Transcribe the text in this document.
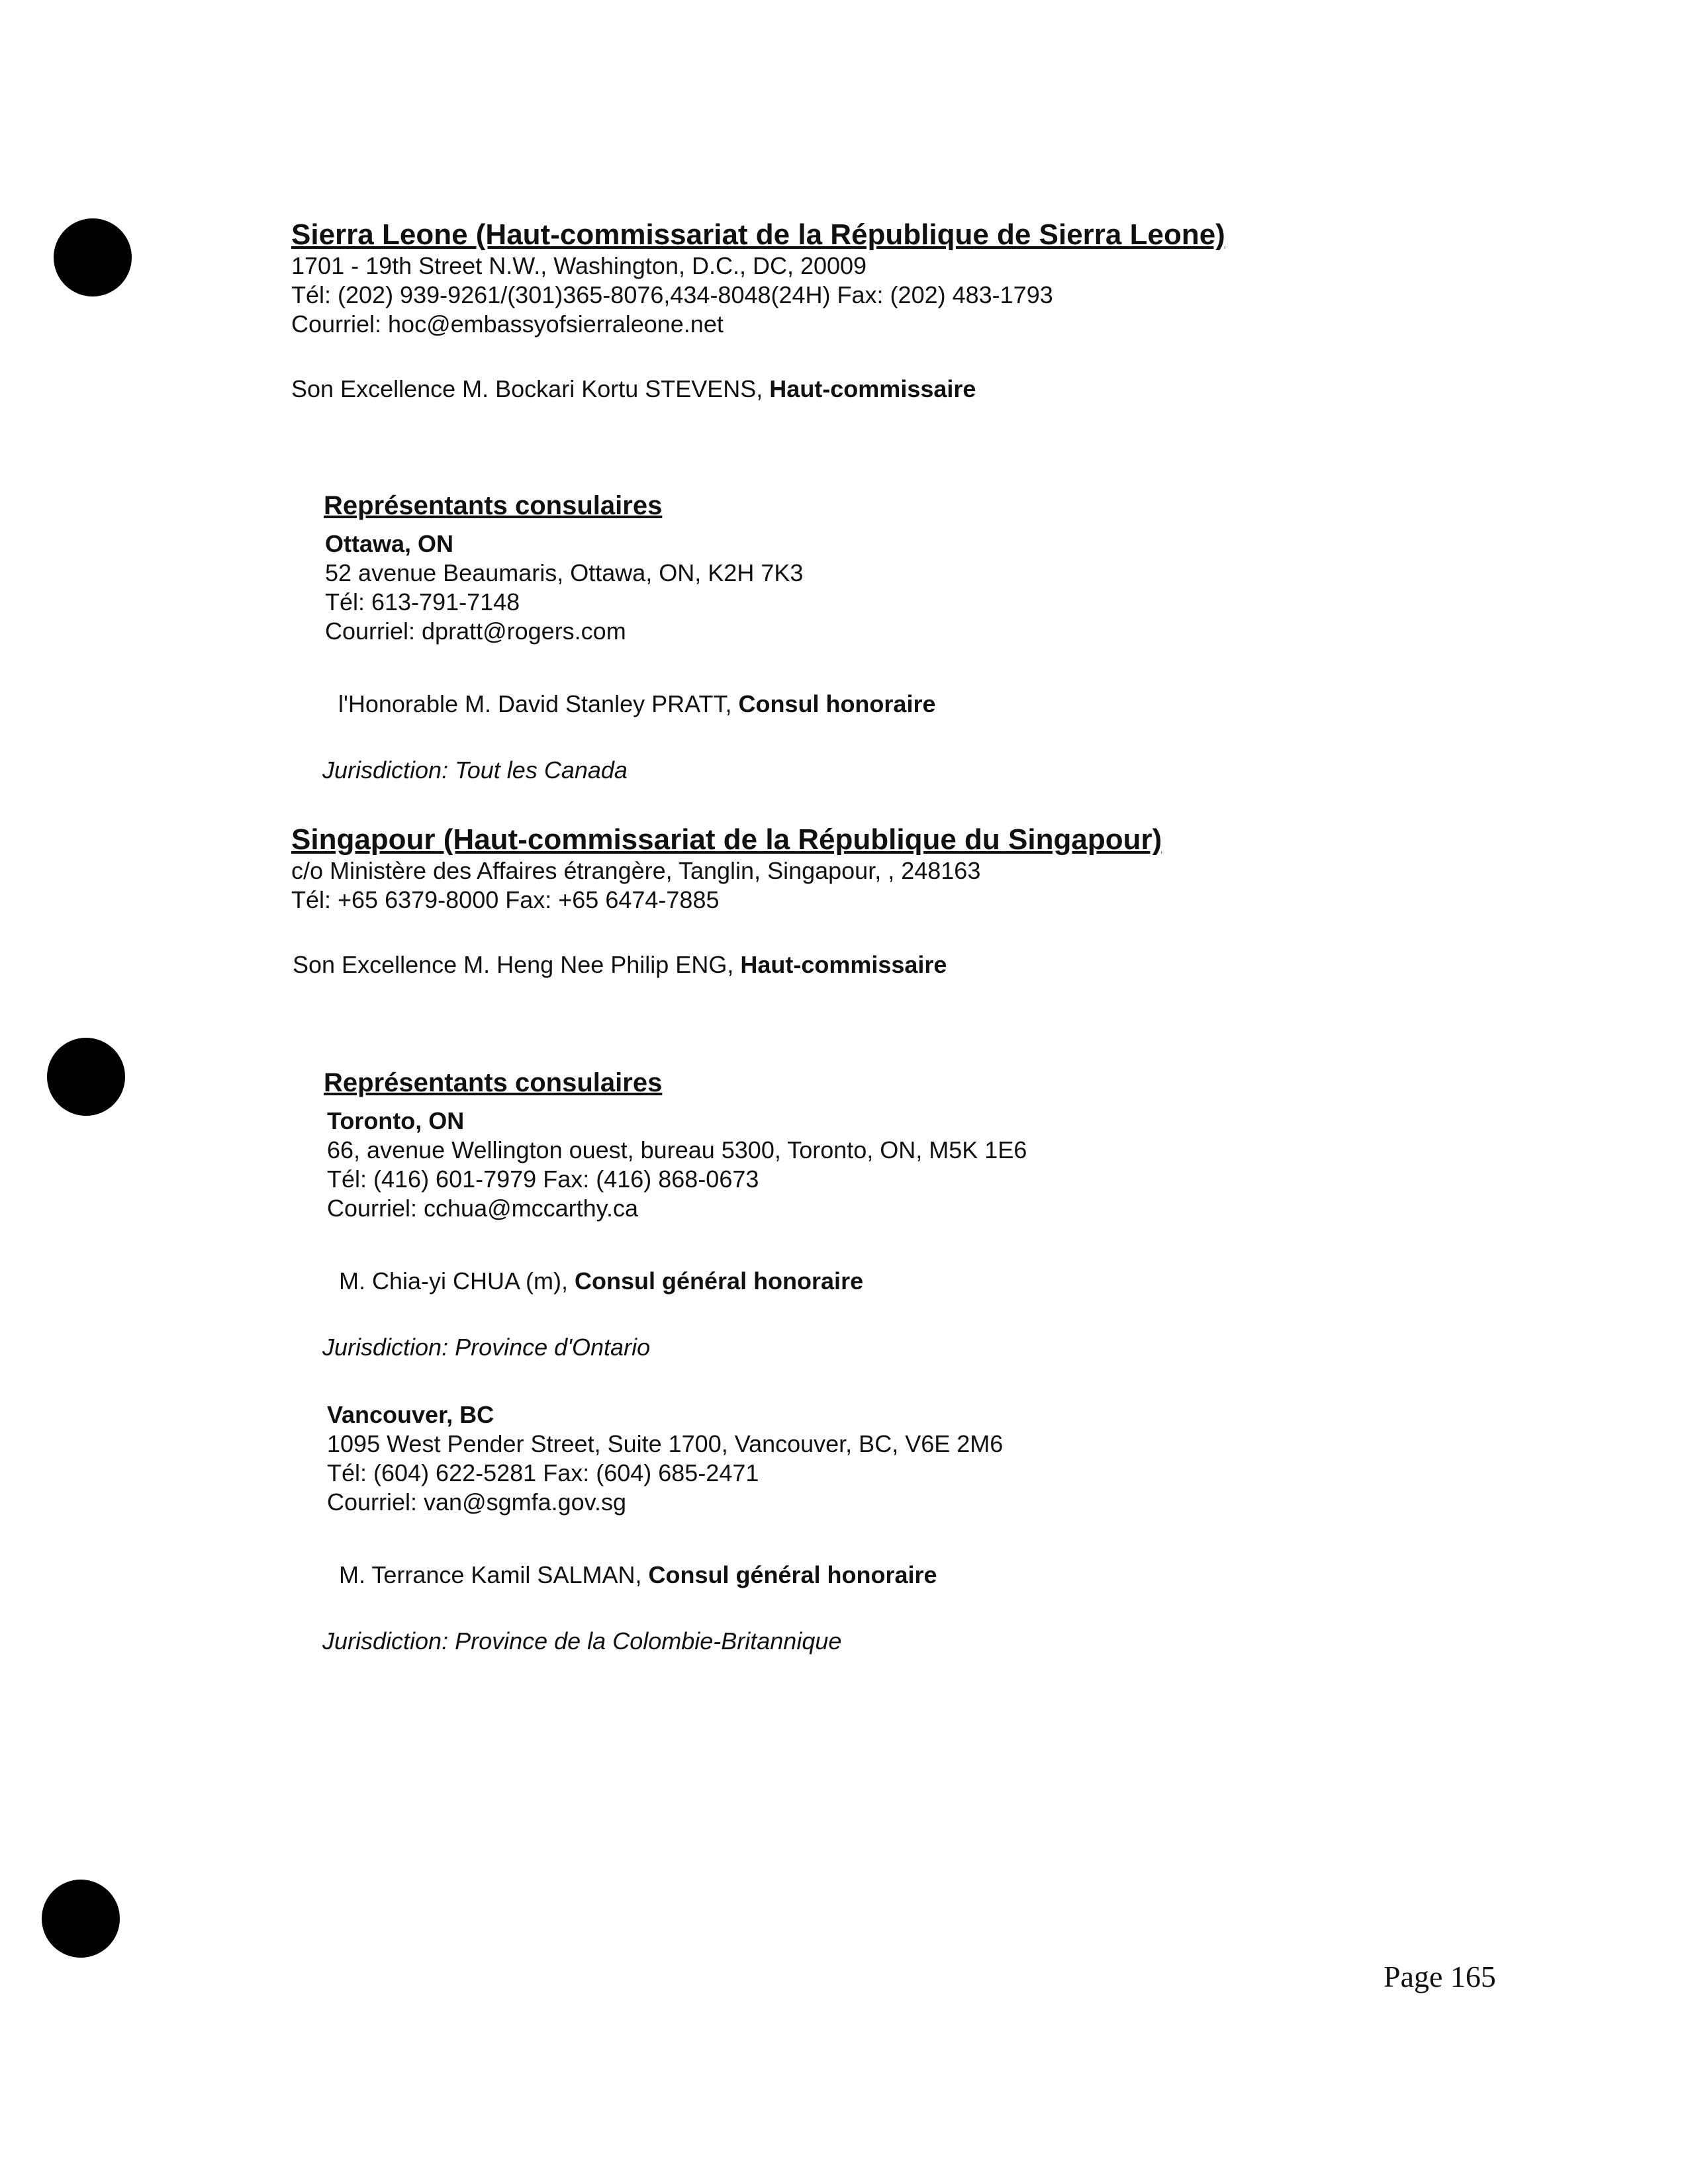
Sierra Leone (Haut-commissariat de la République de Sierra Leone)
1701 - 19th Street N.W., Washington, D.C., DC, 20009
Tél: (202) 939-9261/(301)365-8076,434-8048(24H) Fax: (202) 483-1793
Courriel: hoc@embassyofsierraleone.net
Son Excellence M. Bockari Kortu STEVENS, Haut-commissaire
Représentants consulaires
Ottawa, ON
52 avenue Beaumaris, Ottawa, ON, K2H 7K3
Tél: 613-791-7148
Courriel: dpratt@rogers.com
l'Honorable M. David Stanley PRATT, Consul honoraire
Jurisdiction: Tout les Canada
Singapour (Haut-commissariat de la République du Singapour)
c/o Ministère des Affaires étrangère, Tanglin, Singapour, , 248163
Tél: +65 6379-8000 Fax: +65 6474-7885
Son Excellence M. Heng Nee Philip ENG, Haut-commissaire
Représentants consulaires
Toronto, ON
66, avenue Wellington ouest, bureau 5300, Toronto, ON, M5K 1E6
Tél: (416) 601-7979 Fax: (416) 868-0673
Courriel: cchua@mccarthy.ca
M. Chia-yi CHUA (m), Consul général honoraire
Jurisdiction: Province d'Ontario
Vancouver, BC
1095 West Pender Street, Suite 1700, Vancouver, BC, V6E 2M6
Tél: (604) 622-5281 Fax: (604) 685-2471
Courriel: van@sgmfa.gov.sg
M. Terrance Kamil SALMAN, Consul général honoraire
Jurisdiction: Province de la Colombie-Britannique
Page 165
